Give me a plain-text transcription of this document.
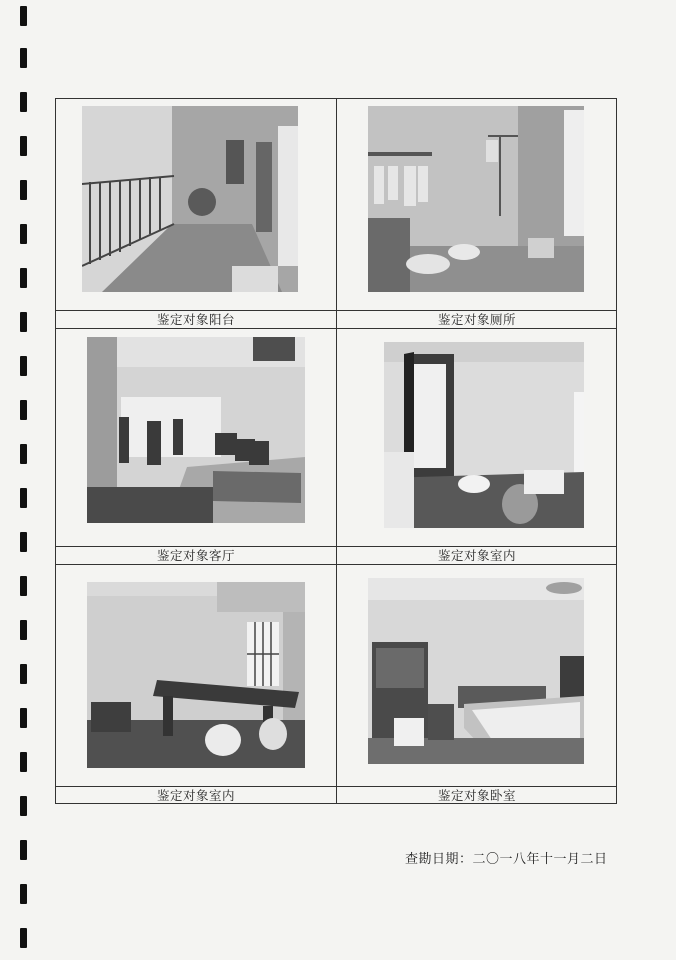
鉴定对象阳台	鉴定对象厕所
鉴定对象客厅	鉴定对象室内
鉴定对象室内	鉴定对象卧室
查勘日期：二〇一八年十一月二日
